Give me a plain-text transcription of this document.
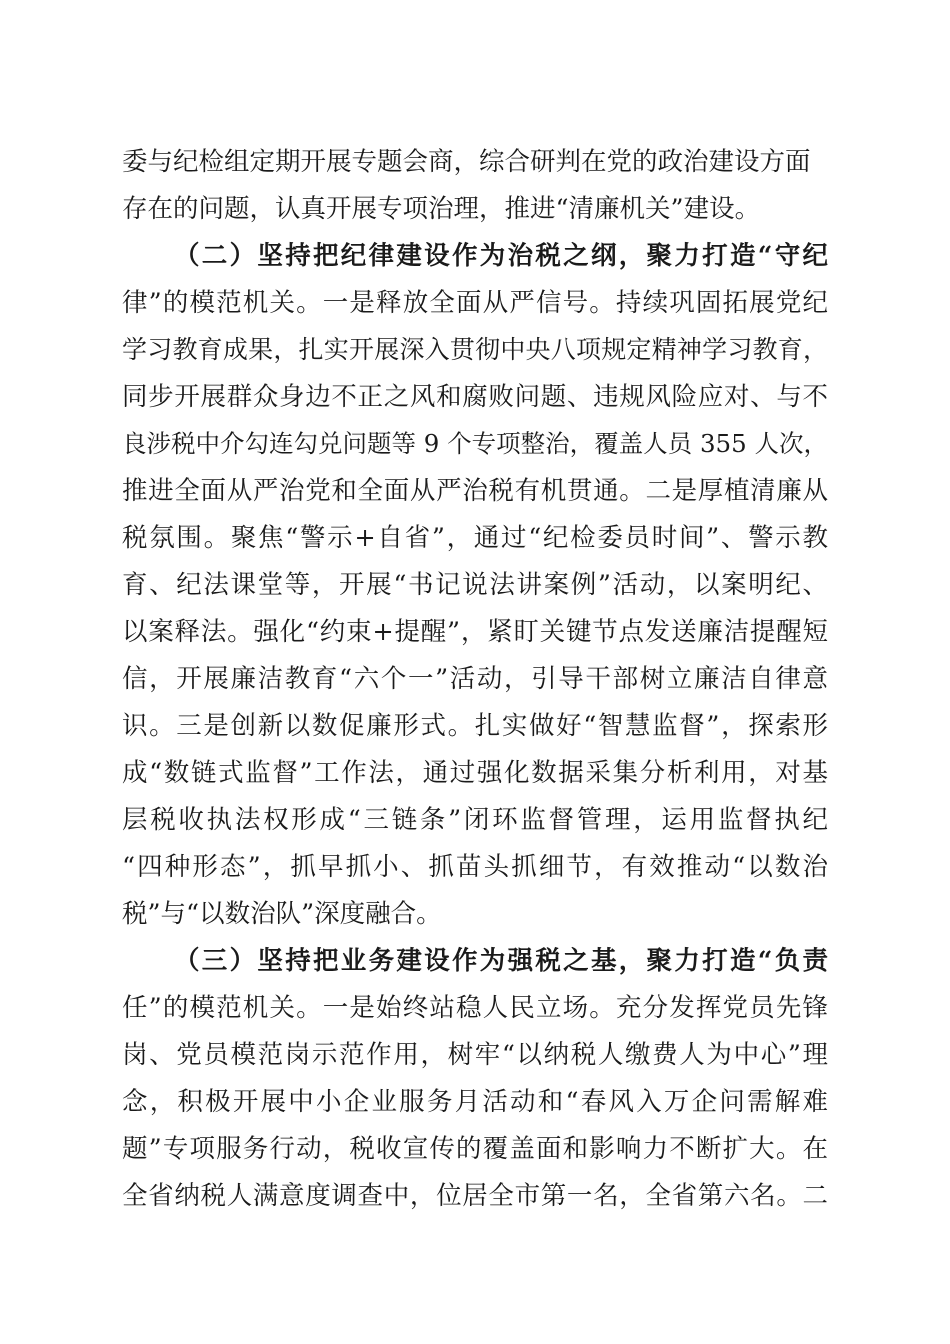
委与纪检组定期开展专题会商，综合研判在党的政治建设方面
存在的问题，认真开展专项治理，推进“清廉机关”建设。
（二）坚持把纪律建设作为治税之纲，聚力打造“守纪
律”的模范机关。一是释放全面从严信号。持续巩固拓展党纪
学习教育成果，扎实开展深入贯彻中央八项规定精神学习教育，
同步开展群众身边不正之风和腐败问题、违规风险应对、与不
良涉税中介勾连勾兑问题等 9 个专项整治，覆盖人员 355 人次，
推进全面从严治党和全面从严治税有机贯通。二是厚植清廉从
税氛围。聚焦“警示+自省”，通过“纪检委员时间”、警示教
育、纪法课堂等，开展“书记说法讲案例”活动，以案明纪、
以案释法。强化“约束+提醒”，紧盯关键节点发送廉洁提醒短
信，开展廉洁教育“六个一”活动，引导干部树立廉洁自律意
识。三是创新以数促廉形式。扎实做好“智慧监督”，探索形
成“数链式监督”工作法，通过强化数据采集分析利用，对基
层税收执法权形成“三链条”闭环监督管理，运用监督执纪
“四种形态”，抓早抓小、抓苗头抓细节，有效推动“以数治
税”与“以数治队”深度融合。
（三）坚持把业务建设作为强税之基，聚力打造“负责
任”的模范机关。一是始终站稳人民立场。充分发挥党员先锋
岗、党员模范岗示范作用，树牢“以纳税人缴费人为中心”理
念，积极开展中小企业服务月活动和“春风入万企问需解难
题”专项服务行动，税收宣传的覆盖面和影响力不断扩大。在
全省纳税人满意度调查中，位居全市第一名，全省第六名。二
